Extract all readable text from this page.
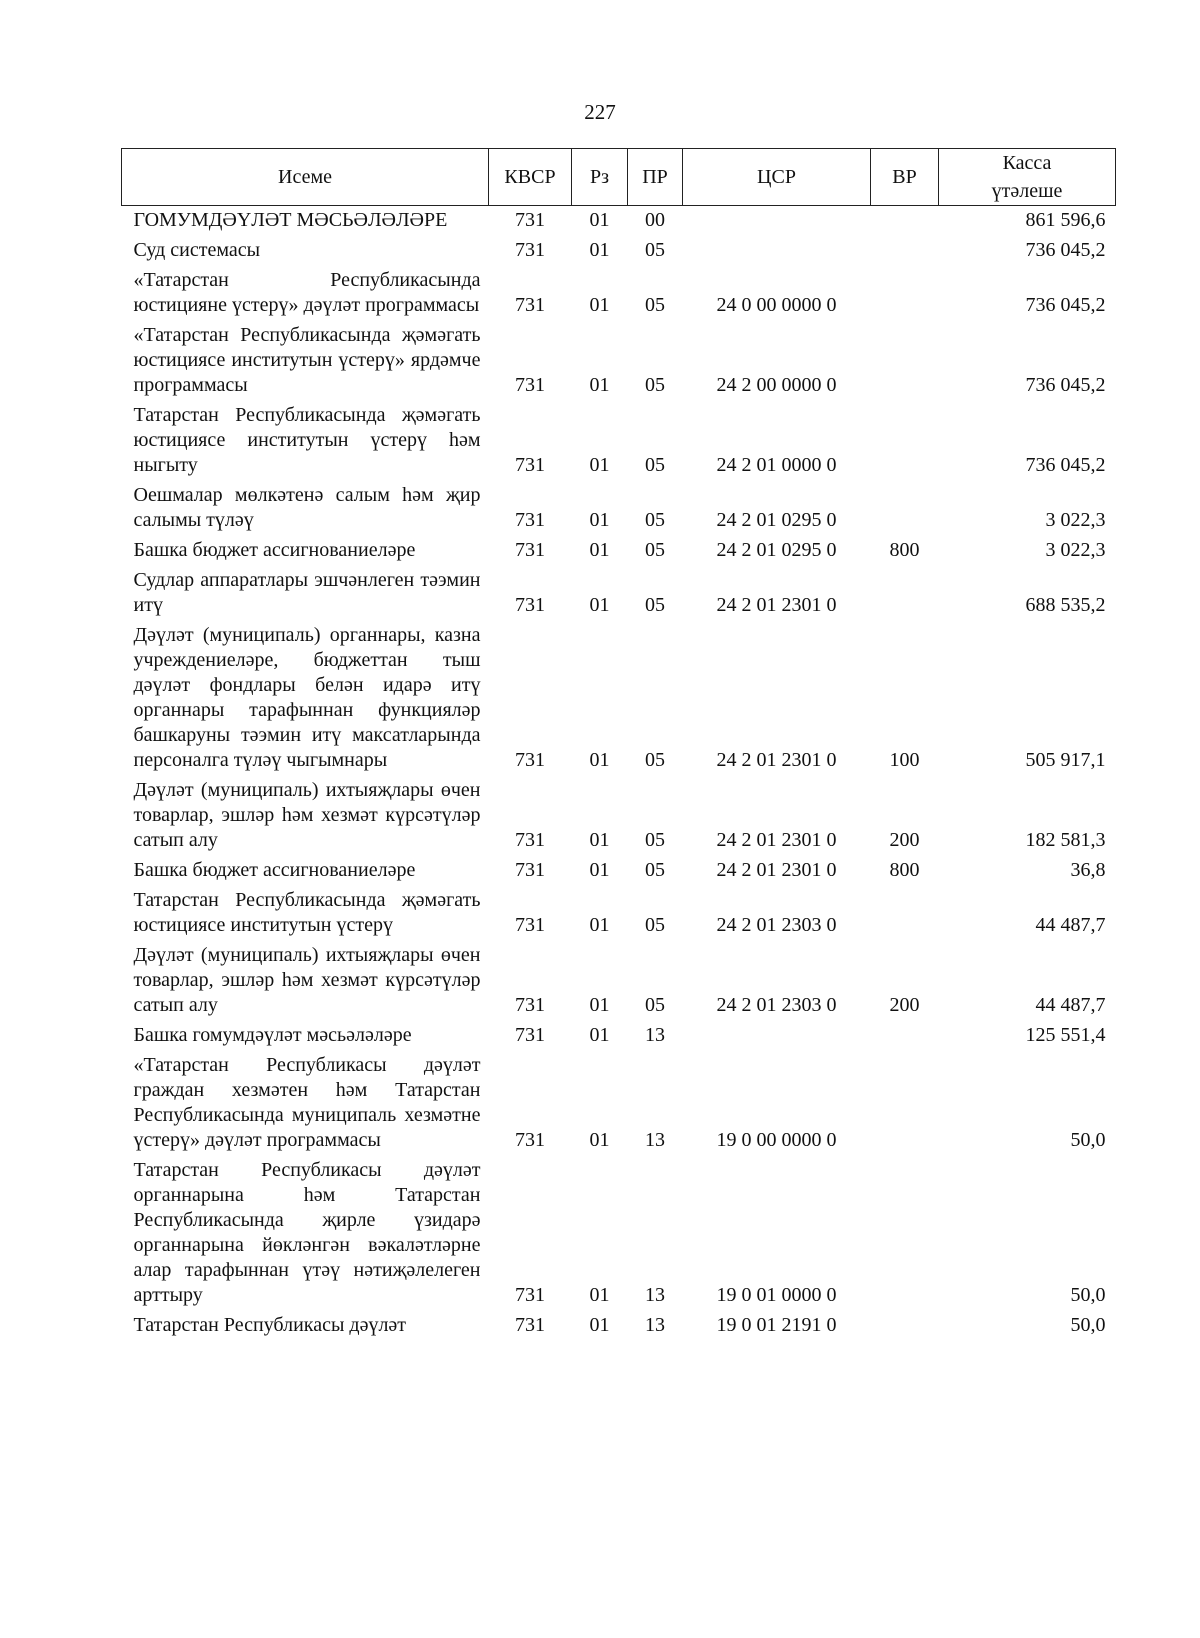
227
Исеме	КВСР	Рз	ПР	ЦСР	ВР	Касса
үтәлеше

ГОМУМДӘҮЛӘТ МӘСЬӘЛӘЛӘРЕ	731	01	00			861 596,6
Суд системасы	731	01	05			736 045,2
«Татарстан Республикасында юстицияне үстерү» дәүләт программасы	731	01	05	24 0 00 0000 0		736 045,2
«Татарстан Республикасында җәмәгать юстициясе институтын үстерү» ярдәмче программасы	731	01	05	24 2 00 0000 0		736 045,2
Татарстан Республикасында җәмәгать юстициясе институтын үстерү һәм ныгыту	731	01	05	24 2 01 0000 0		736 045,2
Оешмалар мөлкәтенә салым һәм җир салымы түләү	731	01	05	24 2 01 0295 0		3 022,3
Башка бюджет ассигнованиеләре	731	01	05	24 2 01 0295 0	800	3 022,3
Судлар аппаратлары эшчәнлеген тәэмин итү	731	01	05	24 2 01 2301 0		688 535,2
Дәүләт (муниципаль) органнары, казна учреждениеләре, бюджеттан тыш дәүләт фондлары белән идарә итү органнары тарафыннан функцияләр башкаруны тәэмин итү максатларында персоналга түләү чыгымнары	731	01	05	24 2 01 2301 0	100	505 917,1
Дәүләт (муниципаль) ихтыяҗлары өчен товарлар, эшләр һәм хезмәт күрсәтүләр сатып алу	731	01	05	24 2 01 2301 0	200	182 581,3
Башка бюджет ассигнованиеләре	731	01	05	24 2 01 2301 0	800	36,8
Татарстан Республикасында җәмәгать юстициясе институтын үстерү	731	01	05	24 2 01 2303 0		44 487,7
Дәүләт (муниципаль) ихтыяҗлары өчен товарлар, эшләр һәм хезмәт күрсәтүләр сатып алу	731	01	05	24 2 01 2303 0	200	44 487,7
Башка гомумдәүләт мәсьәләләре	731	01	13			125 551,4
«Татарстан Республикасы дәүләт граждан хезмәтен һәм Татарстан Республикасында муниципаль хезмәтне үстерү» дәүләт программасы	731	01	13	19 0 00 0000 0		50,0
Татарстан Республикасы дәүләт органнарына һәм Татарстан Республикасында җирле үзидарә органнарына йөкләнгән вәкаләтләрне алар тарафыннан үтәү нәтиҗәлелеген арттыру	731	01	13	19 0 01 0000 0		50,0
Татарстан Республикасы дәүләт	731	01	13	19 0 01 2191 0		50,0
